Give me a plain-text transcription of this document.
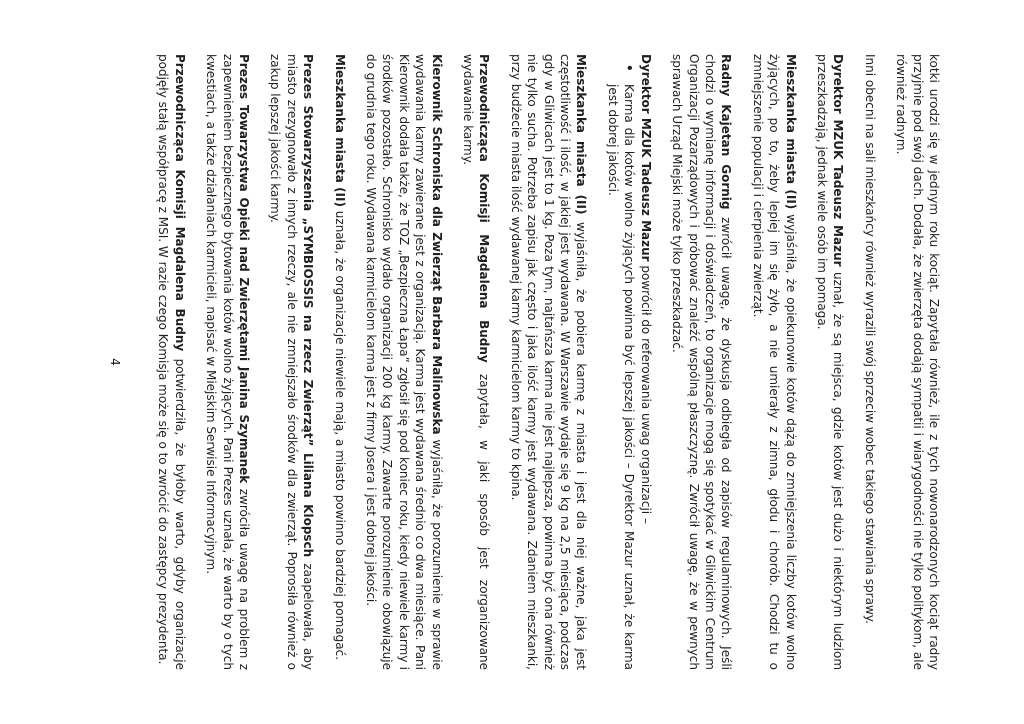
kotki urodzi się w jednym roku kociąt. Zapytała również, ile z tych nowonarodzonych kociąt radny przyjmie pod swój dach. Dodała, że zwierzęta dodają sympatii i wiarygodności nie tylko politykom, ale również radnym.

Inni obecni na sali mieszkańcy również wyrazili swój sprzeciw wobec takiego stawiania sprawy.

Dyrektor MZUK Tadeusz Mazur uznał, że są miejsca, gdzie kotów jest dużo i niektórym ludziom przeszkadzają, jednak wiele osób im pomaga.

Mieszkanka miasta (II) wyjaśniła, że opiekunowie kotów dążą do zmniejszenia liczby kotów wolno żyjących, po to, żeby lepiej im się żyło, a nie umierały z zimna, głodu i chorób. Chodzi tu o zmniejszenie populacji i cierpienia zwierząt.

Radny Kajetan Gornig zwrócił uwagę, że dyskusja odbiegła od zapisów regulaminowych. Jeśli chodzi o wymianę informacji i doświadczeń, to organizacje mogą się spotykać w Gliwickim Centrum Organizacji Pozarządowych i próbować znaleźć wspólną płaszczyznę. Zwrócił uwagę, że w pewnych sprawach Urząd Miejski może tylko przeszkadzać.

Dyrektor MZUK Tadeusz Mazur powrócił do referowania uwag organizacji –

•
Karma dla kotów wolno żyjących powinna być lepszej jakości – Dyrektor Mazur uznał, że karma jest dobrej jakości.

Mieszkanka miasta (II) wyjaśniła, że pobiera karmę z miasta i jest dla niej ważne, jaka jest częstotliwość i ilość, w jakiej jest wydawana. W Warszawie wydaje się 9 kg na 2,5 miesiąca, podczas gdy w Gliwicach jest to 1 kg. Poza tym, najtańsza karma nie jest najlepsza, powinna być ona również nie tylko sucha. Potrzeba zapisu jak często i jaka ilość karmy jest wydawana. Zdaniem mieszkanki, przy budżecie miasta ilość wydawanej karmy karmicielom karmy to kpina.

Przewodnicząca Komisji Magdalena Budny zapytała, w jaki sposób jest zorganizowane wydawanie karmy.

Kierownik Schroniska dla Zwierząt Barbara Malinowska wyjaśniła, że porozumienie w sprawie wydawania karmy zawierane jest z organizacją. Karma jest wydawana średnio co dwa miesiące. Pani Kierownik dodała także, że TOZ „Bezpieczna Łapa” zgłosił się pod koniec roku, kiedy niewiele karmy i środków pozostało. Schronisko wydało organizacji 200 kg karmy. Zawarte porozumienie obowiązuje do grudnia tego roku. Wydawana karmicielom karma jest z firmy Josera i jest dobrej jakości.

Mieszkanka miasta (II) uznała, że organizacje niewiele mają, a miasto powinno bardziej pomagać.

Prezes Stowarzyszenia „SYMBIOSSIS na rzecz Zwierząt” Liliana Klopsch zaapelowała, aby miasto zrezygnowało z innych rzeczy, ale nie zmniejszało środków dla zwierząt. Poprosiła również o zakup lepszej jakości karmy.

Prezes Towarzystwa Opieki nad Zwierzętami Janina Szymanek zwróciła uwagę na problem z zapewnieniem bezpiecznego bytowania kotów wolno żyjących. Pani Prezes uznała, że warto by o tych kwestiach, a także działaniach karmicieli, napisać w Miejskim Serwisie Informacyjnym.

Przewodnicząca Komisji Magdalena Budny potwierdziła, że byłoby warto, gdyby organizacje podjęły stałą współpracę z MSI. W razie czego Komisja może się o to zwrócić do zastępcy prezydenta.

4
